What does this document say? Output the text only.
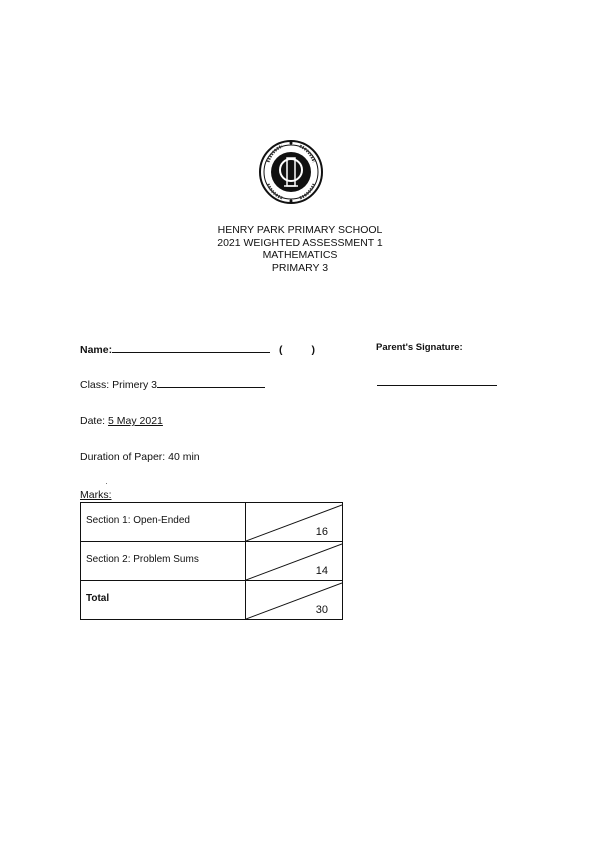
HENRY PARK PRIMARY SCHOOL
2021 WEIGHTED ASSESSMENT 1
MATHEMATICS
PRIMARY 3
Name:	(	)	Parent's Signature:
Class: Primery 3
Date: 5 May 2021
Duration of Paper: 40 min
Marks:
Section 1: Open-Ended	16

Section 2: Problem Sums	14

Total	30
